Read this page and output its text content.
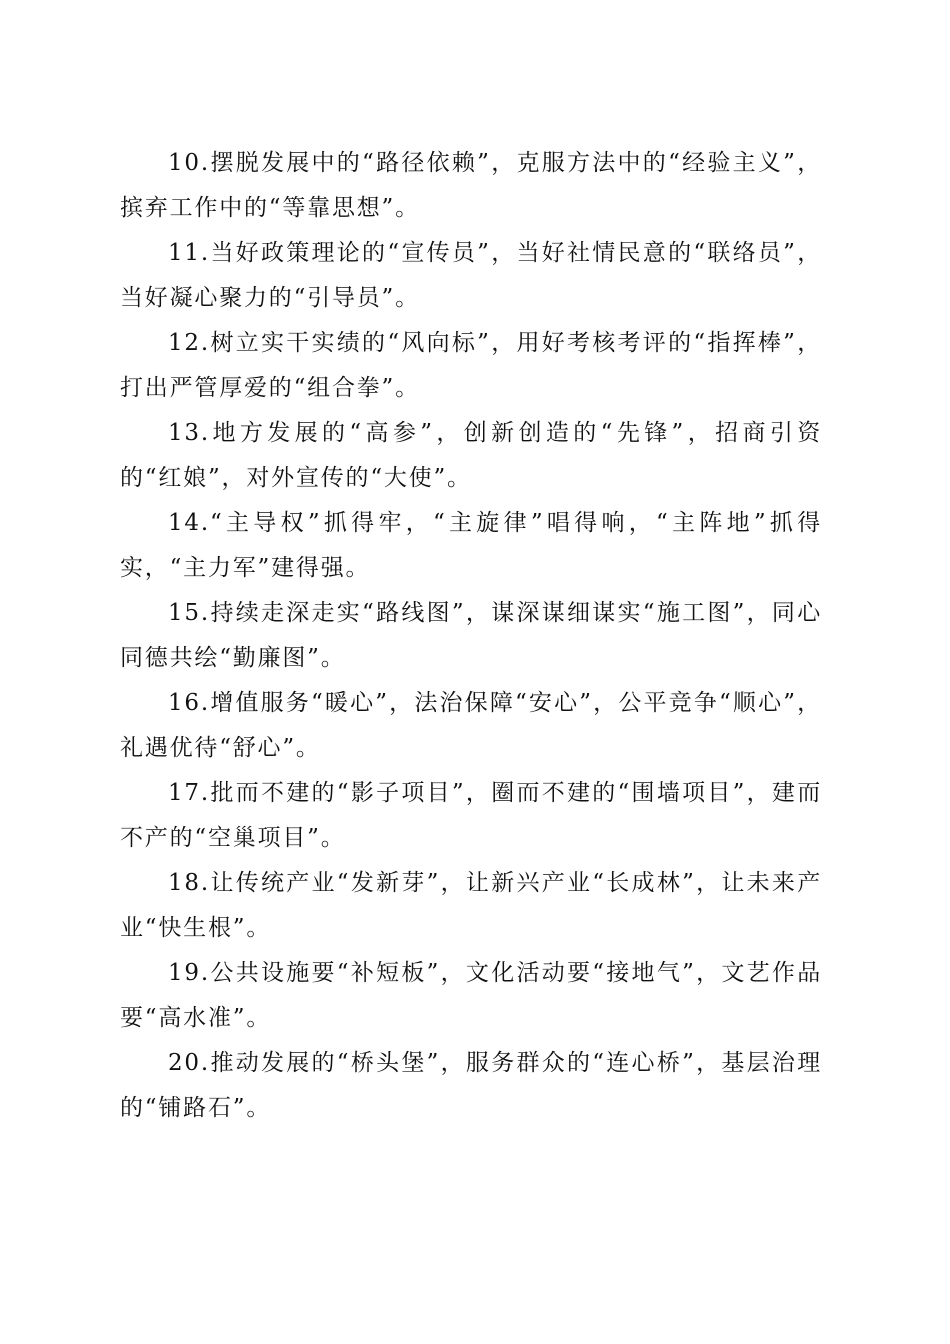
10.摆脱发展中的“路径依赖”，克服方法中的“经验主义”，摈弃工作中的“等靠思想”。

11.当好政策理论的“宣传员”，当好社情民意的“联络员”，当好凝心聚力的“引导员”。

12.树立实干实绩的“风向标”，用好考核考评的“指挥棒”，打出严管厚爱的“组合拳”。

13.地方发展的“高参”，创新创造的“先锋”，招商引资的“红娘”，对外宣传的“大使”。

14.“主导权”抓得牢，“主旋律”唱得响，“主阵地”抓得实，“主力军”建得强。

15.持续走深走实“路线图”，谋深谋细谋实“施工图”，同心同德共绘“勤廉图”。

16.增值服务“暖心”，法治保障“安心”，公平竞争“顺心”，礼遇优待“舒心”。

17.批而不建的“影子项目”，圈而不建的“围墙项目”，建而不产的“空巢项目”。

18.让传统产业“发新芽”，让新兴产业“长成林”，让未来产业“快生根”。

19.公共设施要“补短板”，文化活动要“接地气”，文艺作品要“高水准”。

20.推动发展的“桥头堡”，服务群众的“连心桥”，基层治理的“铺路石”。
